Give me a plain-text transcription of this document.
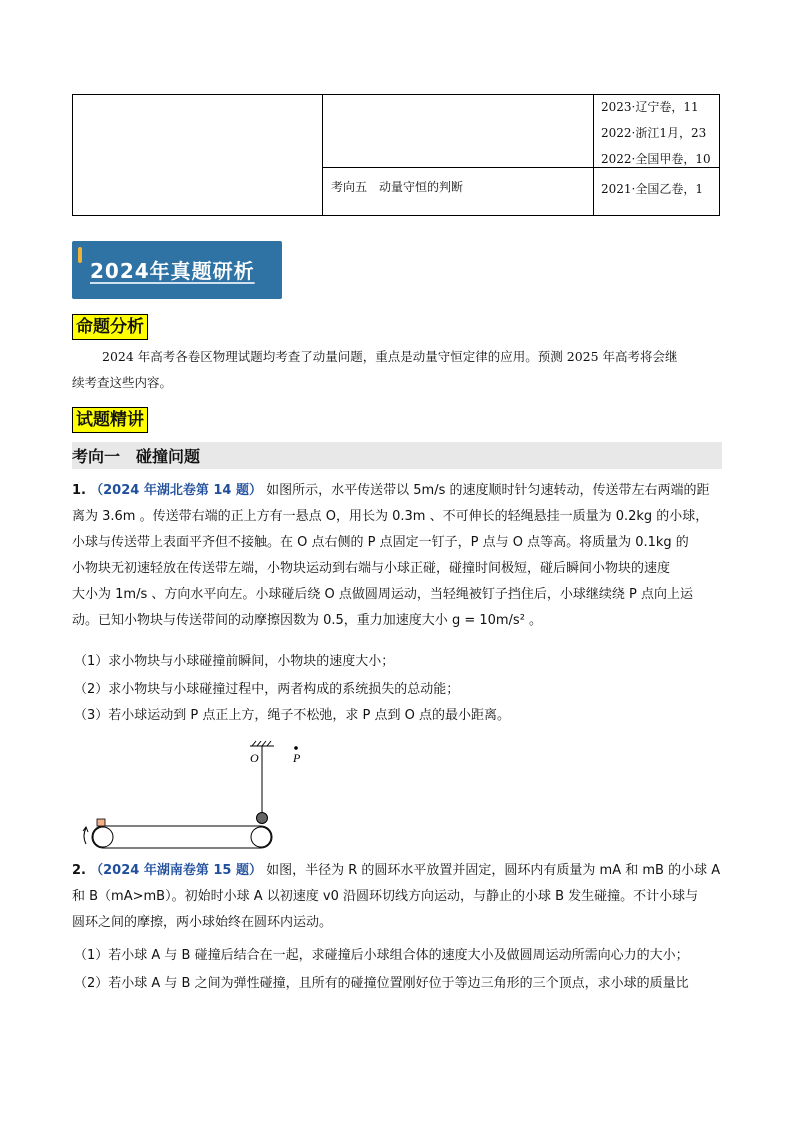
2023·辽宁卷，11
2022·浙江1月，23
2022·全国甲卷，10
考向五　动量守恒的判断	2021·全国乙卷，1
2024年真题研析
命题分析

2024 年高考各卷区物理试题均考查了动量问题，重点是动量守恒定律的应用。预测 2025 年高考将会继

续考查这些内容。

试题精讲
考向一　碰撞问题
1. （2024 年湖北卷第 14 题） 如图所示，水平传送带以 5m/s 的速度顺时针匀速转动，传送带左右两端的距
离为 3.6m 。传送带右端的正上方有一悬点 O，用长为 0.3m 、不可伸长的轻绳悬挂一质量为 0.2kg 的小球，
小球与传送带上表面平齐但不接触。在 O 点右侧的 P 点固定一钉子，P 点与 O 点等高。将质量为 0.1kg 的
小物块无初速轻放在传送带左端，小物块运动到右端与小球正碰，碰撞时间极短，碰后瞬间小物块的速度
大小为 1m/s 、方向水平向左。小球碰后绕 O 点做圆周运动，当轻绳被钉子挡住后，小球继续绕 P 点向上运
动。已知小物块与传送带间的动摩擦因数为 0.5，重力加速度大小 g = 10m/s² 。
（1）求小物块与小球碰撞前瞬间，小物块的速度大小；
（2）求小物块与小球碰撞过程中，两者构成的系统损失的总动能；
（3）若小球运动到 P 点正上方，绳子不松弛，求 P 点到 O 点的最小距离。
O	P
2. （2024 年湖南卷第 15 题） 如图，半径为 R 的圆环水平放置并固定，圆环内有质量为 mA 和 mB 的小球 A
和 B（mA>mB）。初始时小球 A 以初速度 v0 沿圆环切线方向运动，与静止的小球 B 发生碰撞。不计小球与
圆环之间的摩擦，两小球始终在圆环内运动。
（1）若小球 A 与 B 碰撞后结合在一起，求碰撞后小球组合体的速度大小及做圆周运动所需向心力的大小；
（2）若小球 A 与 B 之间为弹性碰撞，且所有的碰撞位置刚好位于等边三角形的三个顶点，求小球的质量比
